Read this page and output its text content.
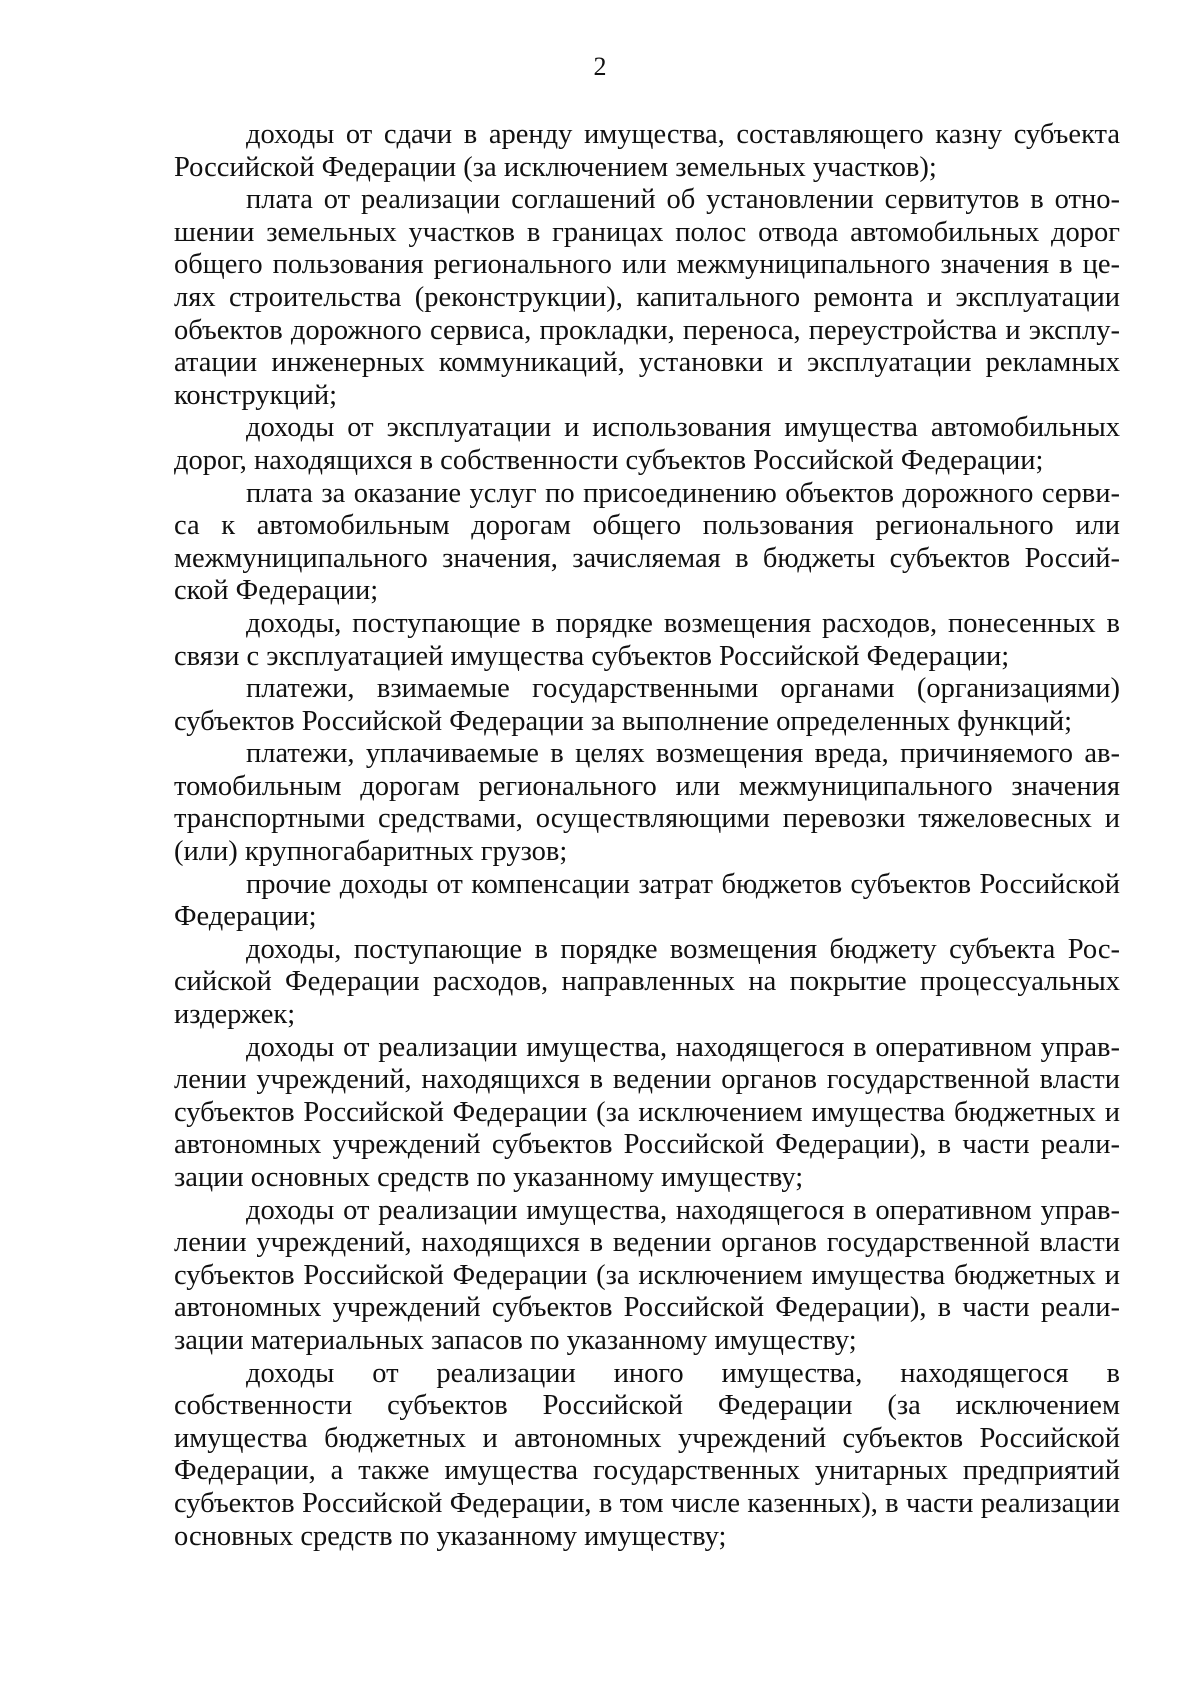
2

доходы от сдачи в аренду имущества, составляющего казну субъекта Российской Федерации (за исключением земельных участков);

плата от реализации соглашений об установлении сервитутов в отношении земельных участков в границах полос отвода автомобильных дорог общего пользования регионального или межмуниципального значения в целях строительства (реконструкции), капитального ремонта и эксплуатации объектов дорожного сервиса, прокладки, переноса, переустройства и эксплуатации инженерных коммуникаций, установки и эксплуатации рекламных конструкций;

доходы от эксплуатации и использования имущества автомобильных дорог, находящихся в собственности субъектов Российской Федерации;

плата за оказание услуг по присоединению объектов дорожного сервиса к автомобильным дорогам общего пользования регионального или межмуниципального значения, зачисляемая в бюджеты субъектов Российской Федерации;

доходы, поступающие в порядке возмещения расходов, понесенных в связи с эксплуатацией имущества субъектов Российской Федерации;

платежи, взимаемые государственными органами (организациями) субъектов Российской Федерации за выполнение определенных функций;

платежи, уплачиваемые в целях возмещения вреда, причиняемого автомобильным дорогам регионального или межмуниципального значения транспортными средствами, осуществляющими перевозки тяжеловесных и (или) крупногабаритных грузов;

прочие доходы от компенсации затрат бюджетов субъектов Российской Федерации;

доходы, поступающие в порядке возмещения бюджету субъекта Российской Федерации расходов, направленных на покрытие процессуальных издержек;

доходы от реализации имущества, находящегося в оперативном управлении учреждений, находящихся в ведении органов государственной власти субъектов Российской Федерации (за исключением имущества бюджетных и автономных учреждений субъектов Российской Федерации), в части реализации основных средств по указанному имуществу;

доходы от реализации имущества, находящегося в оперативном управлении учреждений, находящихся в ведении органов государственной власти субъектов Российской Федерации (за исключением имущества бюджетных и автономных учреждений субъектов Российской Федерации), в части реализации материальных запасов по указанному имуществу;

доходы от реализации иного имущества, находящегося в собственности субъектов Российской Федерации (за исключением имущества бюджетных и автономных учреждений субъектов Российской Федерации, а также имущества государственных унитарных предприятий субъектов Российской Федерации, в том числе казенных), в части реализации основных средств по указанному имуществу;
